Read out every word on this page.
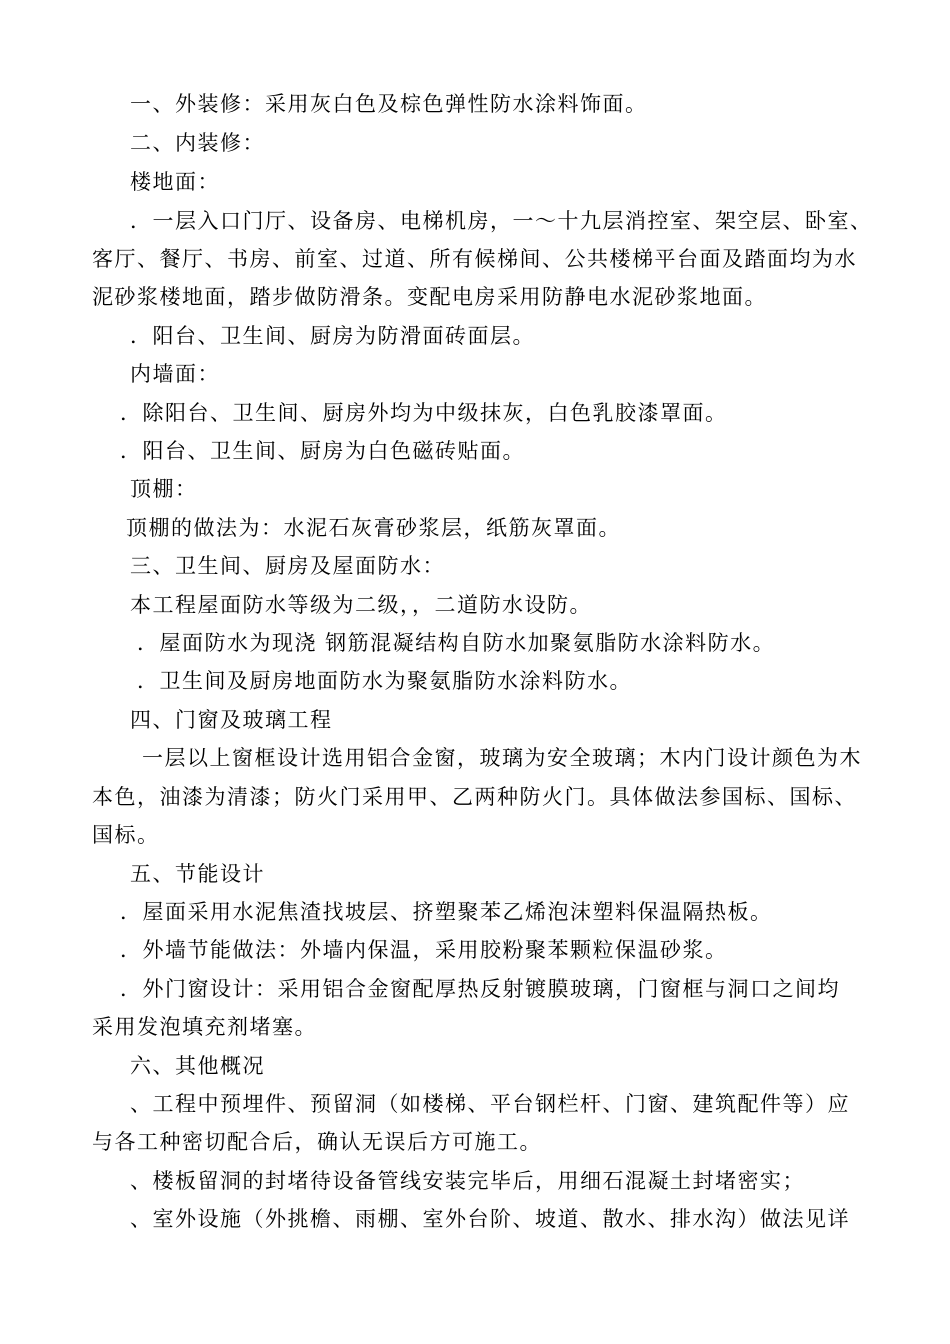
一、外装修：采用灰白色及棕色弹性防水涂料饰面。
二、内装修：
楼地面：
．一层入口门厅、设备房、电梯机房，一～十九层消控室、架空层、卧室、
客厅、餐厅、书房、前室、过道、所有候梯间、公共楼梯平台面及踏面均为水
泥砂浆楼地面，踏步做防滑条。变配电房采用防静电水泥砂浆地面。
．阳台、卫生间、厨房为防滑面砖面层。
内墙面：
．除阳台、卫生间、厨房外均为中级抹灰，白色乳胶漆罩面。
．阳台、卫生间、厨房为白色磁砖贴面。
顶棚：
顶棚的做法为：水泥石灰膏砂浆层，纸筋灰罩面。
三、卫生间、厨房及屋面防水：
本工程屋面防水等级为二级，，二道防水设防。
．屋面防水为现浇 钢筋混凝结构自防水加聚氨脂防水涂料防水。
．卫生间及厨房地面防水为聚氨脂防水涂料防水。
四、门窗及玻璃工程
一层以上窗框设计选用铝合金窗，玻璃为安全玻璃；木内门设计颜色为木
本色，油漆为清漆；防火门采用甲、乙两种防火门。具体做法参国标、国标、
国标。
五、节能设计
．屋面采用水泥焦渣找坡层、挤塑聚苯乙烯泡沫塑料保温隔热板。
．外墙节能做法：外墙内保温，采用胶粉聚苯颗粒保温砂浆。
．外门窗设计：采用铝合金窗配厚热反射镀膜玻璃，门窗框与洞口之间均
采用发泡填充剂堵塞。
六、其他概况
、工程中预埋件、预留洞（如楼梯、平台钢栏杆、门窗、建筑配件等）应
与各工种密切配合后，确认无误后方可施工。
、楼板留洞的封堵待设备管线安装完毕后，用细石混凝土封堵密实；
、室外设施（外挑檐、雨棚、室外台阶、坡道、散水、排水沟）做法见详
